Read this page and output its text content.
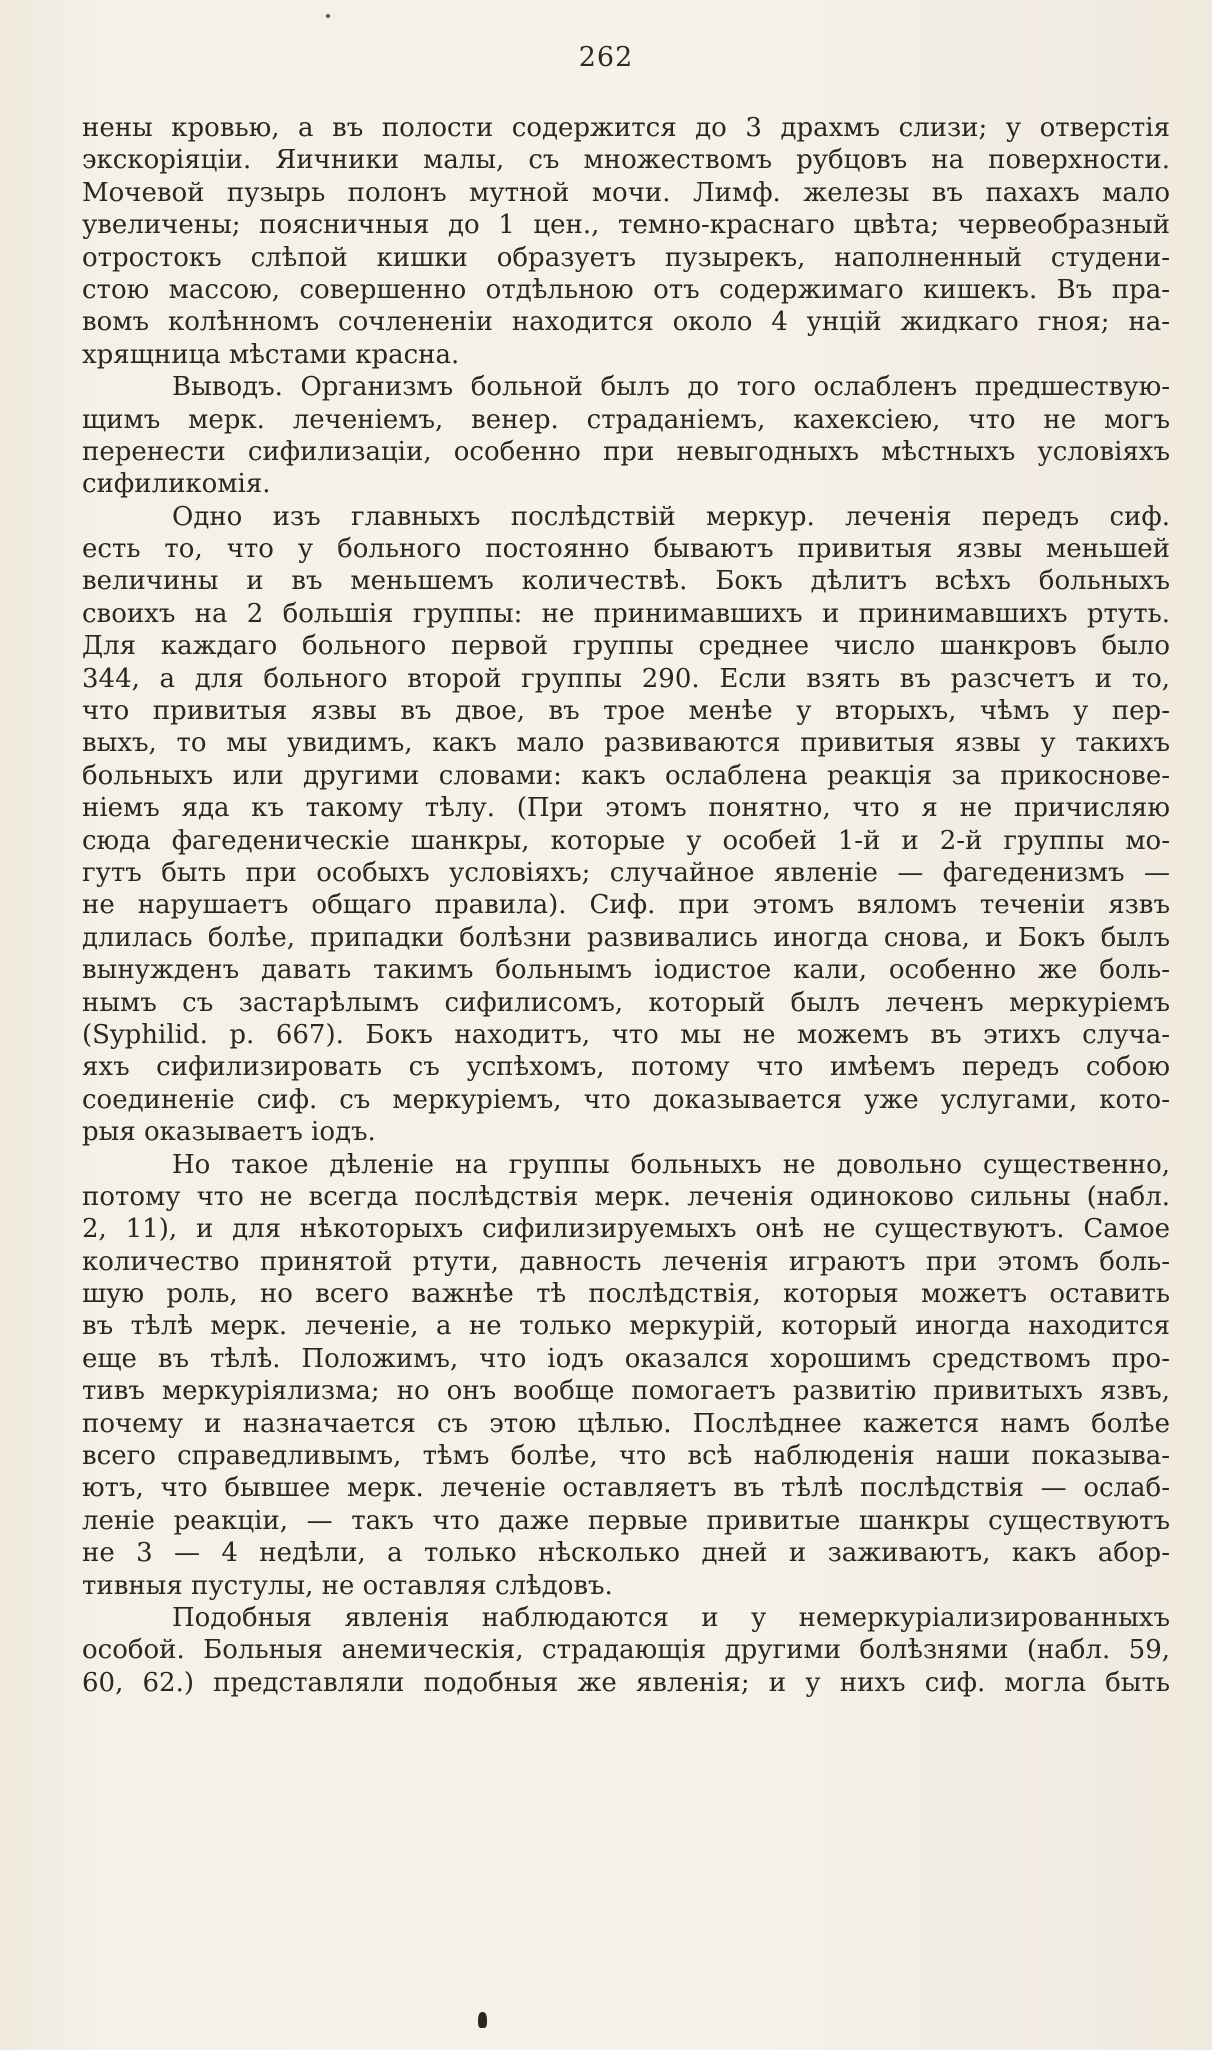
262
нены кровью, а въ полости содержится до 3 драхмъ слизи; у отверстія
экскоріяціи. Яичники малы, съ множествомъ рубцовъ на поверхности.
Мочевой пузырь полонъ мутной мочи. Лимф. железы въ пахахъ мало
увеличены; поясничныя до 1 цен., темно-краснаго цвѣта; червеобразный
отростокъ слѣпой кишки образуетъ пузырекъ, наполненный студени-
стою массою, совершенно отдѣльною отъ содержимаго кишекъ. Въ пра-
вомъ колѣнномъ сочлененіи находится около 4 унцій жидкаго гноя; на-
хрящница мѣстами красна.
Выводъ. Организмъ больной былъ до того ослабленъ предшествую-
щимъ мерк. леченіемъ, венер. страданіемъ, кахексіею, что не могъ
перенести сифилизаціи, особенно при невыгодныхъ мѣстныхъ условіяхъ
сифиликомія.
Одно изъ главныхъ послѣдствій меркур. леченія передъ сиф.
есть то, что у больного постоянно бываютъ привитыя язвы меньшей
величины и въ меньшемъ количествѣ. Бокъ дѣлитъ всѣхъ больныхъ
своихъ на 2 большія группы: не принимавшихъ и принимавшихъ ртуть.
Для каждаго больного первой группы среднее число шанкровъ было
344, а для больного второй группы 290. Если взять въ разсчетъ и то,
что привитыя язвы въ двое, въ трое менѣе у вторыхъ, чѣмъ у пер-
выхъ, то мы увидимъ, какъ мало развиваются привитыя язвы у такихъ
больныхъ или другими словами: какъ ослаблена реакція за прикоснове-
ніемъ яда къ такому тѣлу. (При этомъ понятно, что я не причисляю
сюда фагеденическіе шанкры, которые у особей 1-й и 2-й группы мо-
гутъ быть при особыхъ условіяхъ; случайное явленіе — фагеденизмъ —
не нарушаетъ общаго правила). Сиф. при этомъ вяломъ теченіи язвъ
длилась болѣе, припадки болѣзни развивались иногда снова, и Бокъ былъ
вынужденъ давать такимъ больнымъ іодистое кали, особенно же боль-
нымъ съ застарѣлымъ сифилисомъ, который былъ леченъ меркуріемъ
(Syphilid. p. 667). Бокъ находитъ, что мы не можемъ въ этихъ случа-
яхъ сифилизировать съ успѣхомъ, потому что имѣемъ передъ собою
соединеніе сиф. съ меркуріемъ, что доказывается уже услугами, кото-
рыя оказываетъ іодъ.
Но такое дѣленіе на группы больныхъ не довольно существенно,
потому что не всегда послѣдствія мерк. леченія одиноково сильны (набл.
2, 11), и для нѣкоторыхъ сифилизируемыхъ онѣ не существуютъ. Самое
количество принятой ртути, давность леченія играютъ при этомъ боль-
шую роль, но всего важнѣе тѣ послѣдствія, которыя можетъ оставить
въ тѣлѣ мерк. леченіе, а не только меркурій, который иногда находится
еще въ тѣлѣ. Положимъ, что іодъ оказался хорошимъ средствомъ про-
тивъ меркуріялизма; но онъ вообще помогаетъ развитію привитыхъ язвъ,
почему и назначается съ этою цѣлью. Послѣднее кажется намъ болѣе
всего справедливымъ, тѣмъ болѣе, что всѣ наблюденія наши показыва-
ютъ, что бывшее мерк. леченіе оставляетъ въ тѣлѣ послѣдствія — ослаб-
леніе реакціи, — такъ что даже первые привитые шанкры существуютъ
не 3 — 4 недѣли, а только нѣсколько дней и заживаютъ, какъ абор-
тивныя пустулы, не оставляя слѣдовъ.
Подобныя явленія наблюдаются и у немеркуріализированныхъ
особой. Больныя анемическія, страдающія другими болѣзнями (набл. 59,
60, 62.) представляли подобныя же явленія; и у нихъ сиф. могла быть
